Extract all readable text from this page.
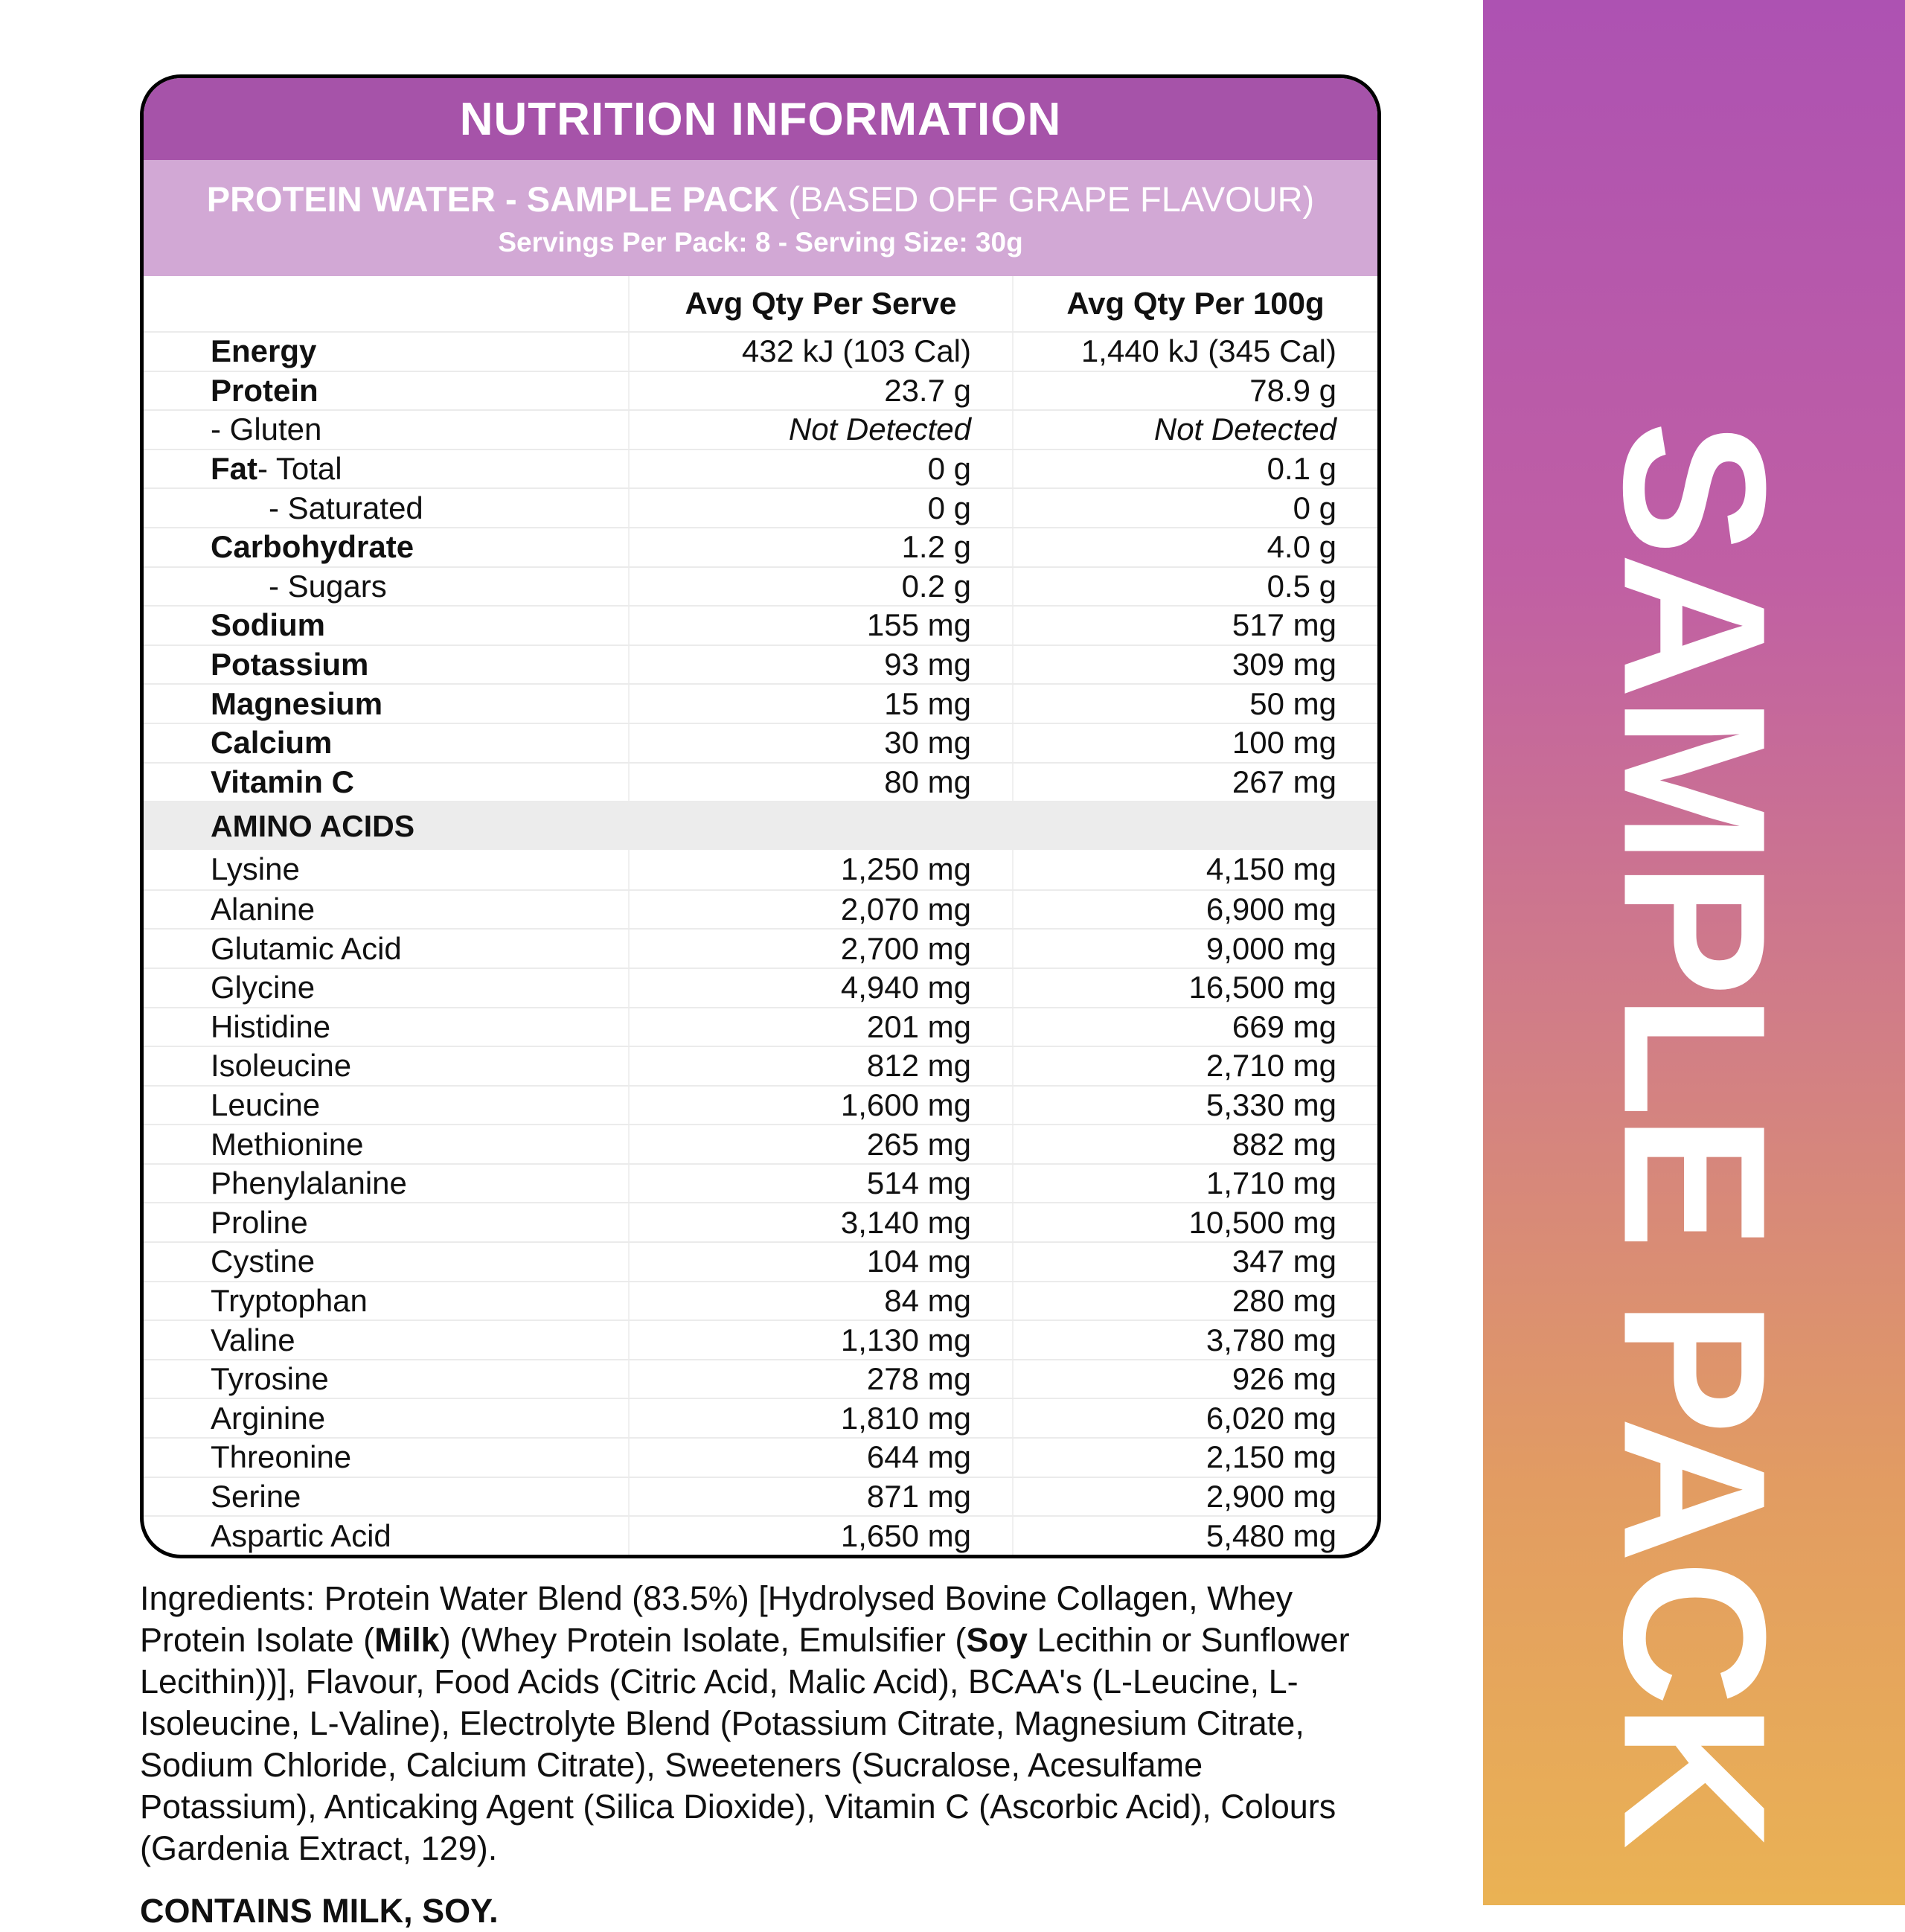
NUTRITION INFORMATION
PROTEIN WATER - SAMPLE PACK (BASED OFF GRAPE FLAVOUR)
Servings Per Pack: 8 - Serving Size: 30g
Avg Qty Per Serve	Avg Qty Per 100g
Energy	432 kJ (103 Cal)	1,440 kJ (345 Cal)
Protein	23.7 g	78.9 g
- Gluten	Not Detected	Not Detected
Fat - Total	0 g	0.1 g
- Saturated	0 g	0 g
Carbohydrate	1.2 g	4.0 g
- Sugars	0.2 g	0.5 g
Sodium	155 mg	517 mg
Potassium	93 mg	309 mg
Magnesium	15 mg	50 mg
Calcium	30 mg	100 mg
Vitamin C	80 mg	267 mg
AMINO ACIDS
Lysine	1,250 mg	4,150 mg
Alanine	2,070 mg	6,900 mg
Glutamic Acid	2,700 mg	9,000 mg
Glycine	4,940 mg	16,500 mg
Histidine	201 mg	669 mg
Isoleucine	812 mg	2,710 mg
Leucine	1,600 mg	5,330 mg
Methionine	265 mg	882 mg
Phenylalanine	514 mg	1,710 mg
Proline	3,140 mg	10,500 mg
Cystine	104 mg	347 mg
Tryptophan	84 mg	280 mg
Valine	1,130 mg	3,780 mg
Tyrosine	278 mg	926 mg
Arginine	1,810 mg	6,020 mg
Threonine	644 mg	2,150 mg
Serine	871 mg	2,900 mg
Aspartic Acid	1,650 mg	5,480 mg

Ingredients: Protein Water Blend (83.5%) [Hydrolysed Bovine Collagen, Whey Protein Isolate (Milk) (Whey Protein Isolate, Emulsifier (Soy Lecithin or Sunflower Lecithin))], Flavour, Food Acids (Citric Acid, Malic Acid), BCAA's (L-Leucine, L-Isoleucine, L-Valine), Electrolyte Blend (Potassium Citrate, Magnesium Citrate, Sodium Chloride, Calcium Citrate), Sweeteners (Sucralose, Acesulfame Potassium), Anticaking Agent (Silica Dioxide), Vitamin C (Ascorbic Acid), Colours (Gardenia Extract, 129).

CONTAINS MILK, SOY.

SAMPLE PACK
